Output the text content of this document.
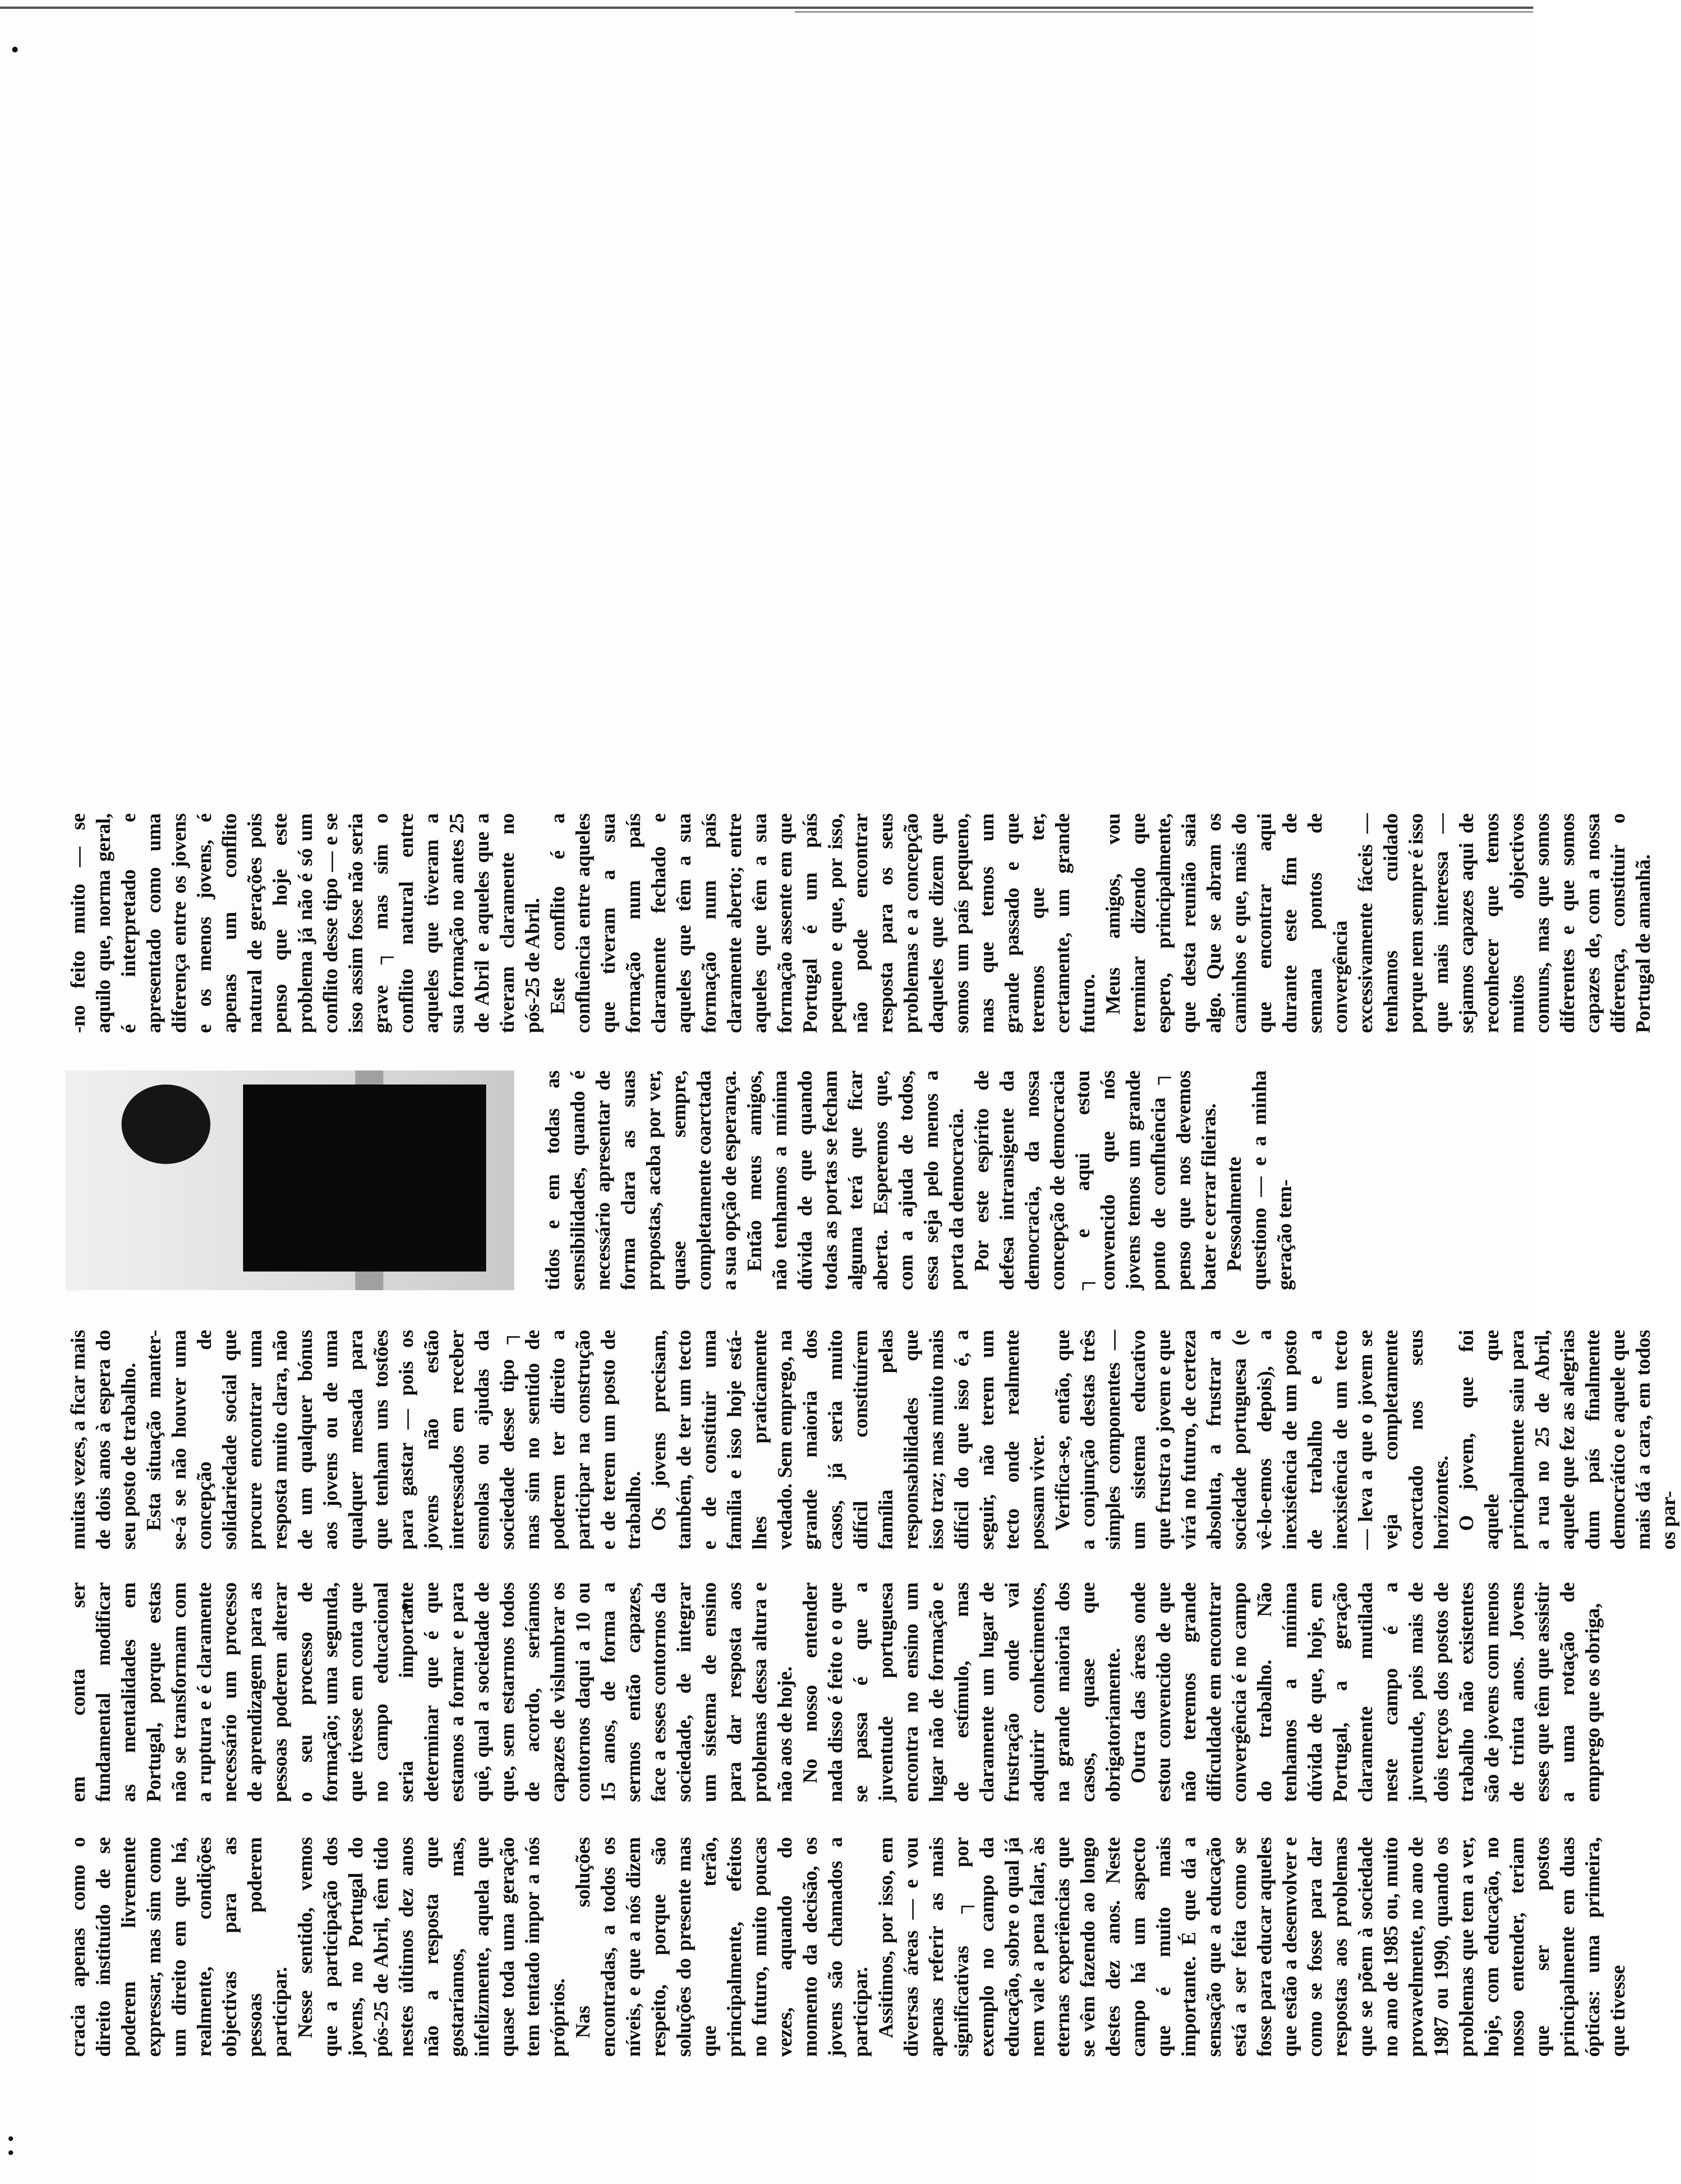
cracia apenas como o direito instituído de se poderem livremente expressar, mas sim como um direito em que há, realmente, condições objectivas para as pessoas poderem participar. Nesse sentido, vemos que a participação dos jovens, no Portugal do pós-25 de Abril, têm tido nestes últimos dez anos não a resposta que gostaríamos, mas, infelizmente, aquela que quase toda uma geração tem tentado impor a nós próprios. Nas soluções encontradas, a todos os níveis, e que a nós dizem respeito, porque são soluções do presente mas que terão, principalmente, efeitos no futuro, muito poucas vezes, aquando do momento da decisão, os jovens são chamados a participar. Assitimos, por isso, em diversas áreas — e vou apenas referir as mais significativas ┐ por exemplo no campo da educação, sobre o qual já nem vale a pena falar, às eternas experiências que se vêm fazendo ao longo destes dez anos. Neste campo há um aspecto que é muito mais importante. É que dá a sensação que a educação está a ser feita como se fosse para educar aqueles que estão a desenvolver e como se fosse para dar respostas aos problemas que se põem à sociedade no ano de 1985 ou, muito provavelmente, no ano de 1987 ou 1990, quando os problemas que tem a ver, hoje, com educação, no nosso entender, teriam que ser postos principalmente em duas ópticas: uma primeira, que tivesse

em conta ser fundamental modificar as mentalidades em Portugal, porque estas não se transformam com a ruptura e é claramente necessário um processo de aprendizagem para as pessoas poderem alterar o seu processo de formação; uma segunda, que tivesse em conta que no campo educacional seria importante determinar que é que estamos a formar e para quê, qual a sociedade de que, sem estarmos todos de acordo, seríamos capazes de vislumbrar os contornos daqui a 10 ou 15 anos, de forma a sermos então capazes, face a esses contornos da sociedade, de integrar um sistema de ensino para dar resposta aos problemas dessa altura e não aos de hoje. No nosso entender nada disso é feito e o que se passa é que a juventude portuguesa encontra no ensino um lugar não de formação e de estímulo, mas claramente um lugar de frustração onde vai adquirir conhecimentos, na grande maioria dos casos, quase que obrigatoriamente. Outra das áreas onde estou convencido de que não teremos grande dificuldade em encontrar convergência é no campo do trabalho. Não tenhamos a mínima dúvida de que, hoje, em Portugal, a geração claramente mutilada neste campo é a juventude, pois mais de dois terços dos postos de trabalho não existentes são de jovens com menos de trinta anos. Jovens esses que têm que assistir a uma rotação de emprego que os obriga,

muitas vezes, a ficar mais de dois anos à espera do seu posto de trabalho. Esta situação manter-se-á se não houver uma concepção de solidariedade social que procure encontrar uma resposta muito clara, não de um qualquer bónus aos jovens ou de uma qualquer mesada para que tenham uns tostões para gastar — pois os jovens não estão interessados em receber esmolas ou ajudas da sociedade desse tipo ┐ mas sim no sentido de poderem ter direito a participar na construção e de terem um posto de trabalho. Os jovens precisam, também, de ter um tecto e de constituir uma família e isso hoje está-lhes praticamente vedado. Sem emprego, na grande maioria dos casos, já seria muito difícil constituírem família pelas responsabilidades que isso traz; mas muito mais difícil do que isso é, a seguir, não terem um tecto onde realmente possam viver. Verifica-se, então, que a conjunção destas três simples componentes — um sistema educativo que frustra o jovem e que virá no futuro, de certeza absoluta, a frustrar a sociedade portuguesa (e vê-lo-emos depois), a inexistência de um posto de trabalho e a inexistência de um tecto — leva a que o jovem se veja completamente coarctado nos seus horizontes. O jovem, que foi aquele que principalmente saiu para a rua no 25 de Abril, aquele que fez as alegrias dum país finalmente democrático e aquele que mais dá a cara, em todos os par-

tidos e em todas as sensibilidades, quando é necessário apresentar de forma clara as suas propostas, acaba por ver, quase sempre, completamente coarctada a sua opção de esperança. Então meus amigos, não tenhamos a mínima dúvida de que quando todas as portas se fecham alguma terá que ficar aberta. Esperemos que, com a ajuda de todos, essa seja pelo menos a porta da democracia. Por este espírito de defesa intransigente da democracia, da nossa concepção de democracia ┐ e aqui estou convencido que nós jovens temos um grande ponto de confluência ┐ penso que nos devemos bater e cerrar fileiras. Pessoalmente questiono — e a minha geração tem-

-no feito muito — se aquilo que, norma geral, é interpretado e apresentado como uma diferença entre os jovens e os menos jovens, é apenas um conflito natural de gerações pois penso que hoje este problema já não é só um conflito desse tipo — e se isso assim fosse não seria grave ┐ mas sim o conflito natural entre aqueles que tiveram a sua formação no antes 25 de Abril e aqueles que a tiveram claramente no pós-25 de Abril. Este conflito é a confluência entre aqueles que tiveram a sua formação num país claramente fechado e aqueles que têm a sua formação num país claramente aberto; entre aqueles que têm a sua formação assente em que Portugal é um país pequeno e que, por isso, não pode encontrar resposta para os seus problemas e a concepção daqueles que dizem que somos um país pequeno, mas que temos um grande passado e que teremos que ter, certamente, um grande futuro. Meus amigos, vou terminar dizendo que espero, principalmente, que desta reunião saia algo. Que se abram os caminhos e que, mais do que encontrar aqui durante este fim de semana pontos de convergência excessivamente fáceis — tenhamos cuidado porque nem sempre é isso que mais interessa — sejamos capazes aqui de reconhecer que temos muitos objectivos comuns, mas que somos diferentes e que somos capazes de, com a nossa diferença, constituir o Portugal de amanhã.
